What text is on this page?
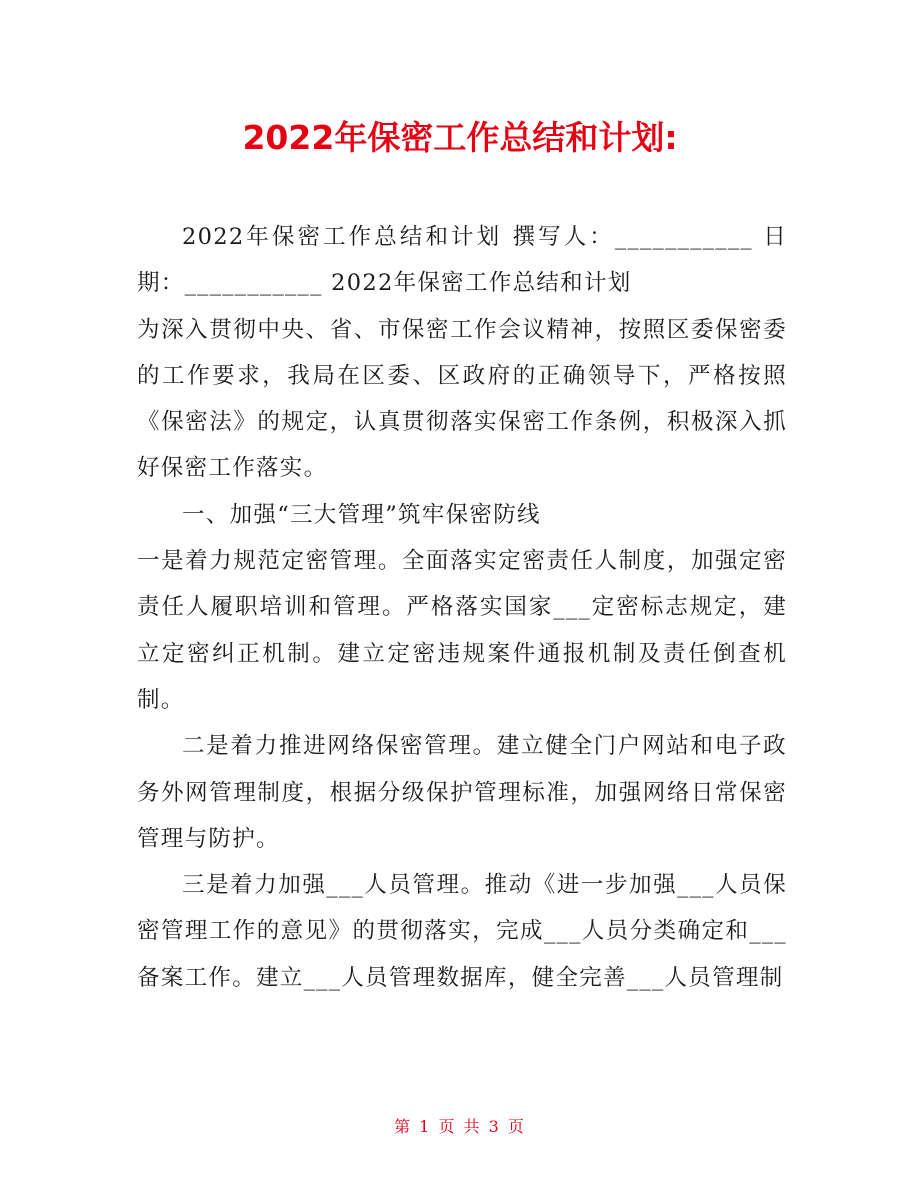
2022年保密工作总结和计划:

2022年保密工作总结和计划 撰写人：___________ 日期：___________ 2022年保密工作总结和计划

为深入贯彻中央、省、市保密工作会议精神，按照区委保密委的工作要求，我局在区委、区政府的正确领导下，严格按照《保密法》的规定，认真贯彻落实保密工作条例，积极深入抓好保密工作落实。

一、加强“三大管理”筑牢保密防线

一是着力规范定密管理。全面落实定密责任人制度，加强定密责任人履职培训和管理。严格落实国家___定密标志规定，建立定密纠正机制。建立定密违规案件通报机制及责任倒查机制。

二是着力推进网络保密管理。建立健全门户网站和电子政务外网管理制度，根据分级保护管理标准，加强网络日常保密管理与防护。

三是着力加强___人员管理。推动《进一步加强___人员保密管理工作的意见》的贯彻落实，完成___人员分类确定和___备案工作。建立___人员管理数据库，健全完善___人员管理制

第 1 页 共 3 页
